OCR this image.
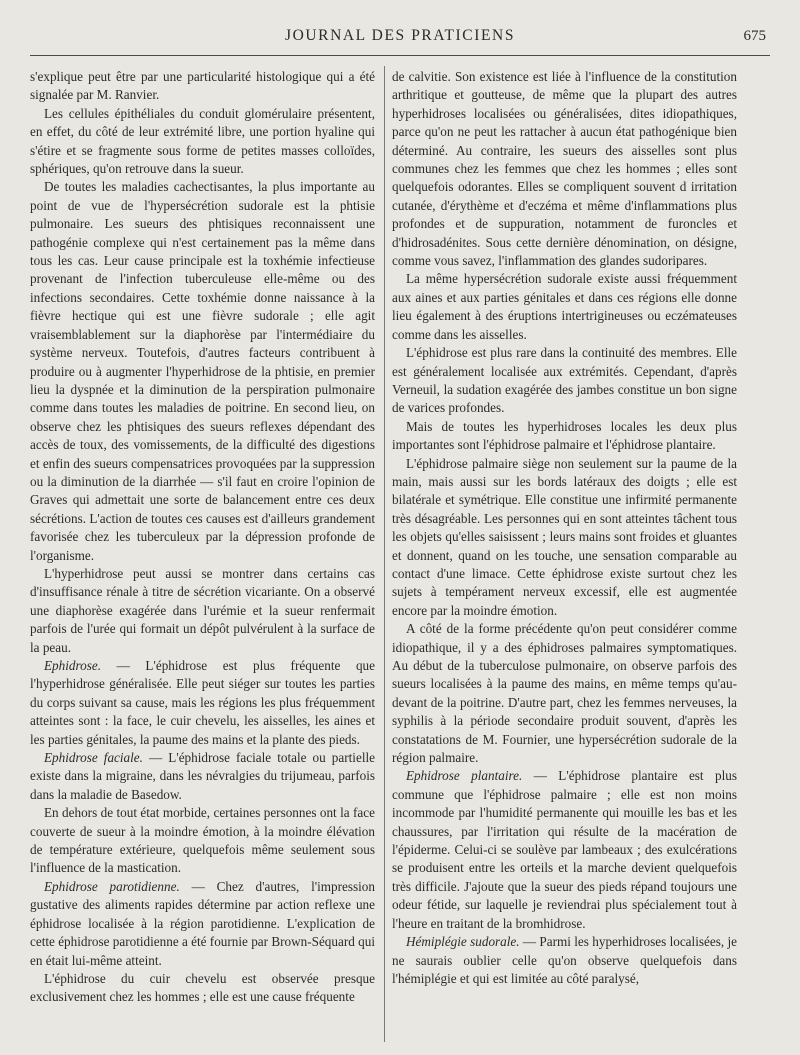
JOURNAL DES PRATICIENS	675

s'explique peut être par une particularité histologique qui a été signalée par M. Ranvier.

Les cellules épithéliales du conduit glomérulaire présentent, en effet, du côté de leur extrémité libre, une portion hyaline qui s'étire et se fragmente sous forme de petites masses colloïdes, sphériques, qu'on retrouve dans la sueur.

De toutes les maladies cachectisantes, la plus importante au point de vue de l'hypersécrétion sudorale est la phtisie pulmonaire. Les sueurs des phtisiques reconnaissent une pathogénie complexe qui n'est certainement pas la même dans tous les cas. Leur cause principale est la toxhémie infectieuse provenant de l'infection tuberculeuse elle-même ou des infections secondaires. Cette toxhémie donne naissance à la fièvre hectique qui est une fièvre sudorale ; elle agit vraisemblablement sur la diaphorèse par l'intermédiaire du système nerveux. Toutefois, d'autres facteurs contribuent à produire ou à augmenter l'hyperhidrose de la phtisie, en premier lieu la dyspnée et la diminution de la perspiration pulmonaire comme dans toutes les maladies de poitrine. En second lieu, on observe chez les phtisiques des sueurs reflexes dépendant des accès de toux, des vomissements, de la difficulté des digestions et enfin des sueurs compensatrices provoquées par la suppression ou la diminution de la diarrhée — s'il faut en croire l'opinion de Graves qui admettait une sorte de balancement entre ces deux sécrétions. L'action de toutes ces causes est d'ailleurs grandement favorisée chez les tuberculeux par la dépression profonde de l'organisme.

L'hyperhidrose peut aussi se montrer dans certains cas d'insuffisance rénale à titre de sécrétion vicariante. On a observé une diaphorèse exagérée dans l'urémie et la sueur renfermait parfois de l'urée qui formait un dépôt pulvérulent à la surface de la peau.

Ephidrose. — L'éphidrose est plus fréquente que l'hyperhidrose généralisée. Elle peut siéger sur toutes les parties du corps suivant sa cause, mais les régions les plus fréquemment atteintes sont : la face, le cuir chevelu, les aisselles, les aines et les parties génitales, la paume des mains et la plante des pieds.

Ephidrose faciale. — L'éphidrose faciale totale ou partielle existe dans la migraine, dans les névralgies du trijumeau, parfois dans la maladie de Basedow.

En dehors de tout état morbide, certaines personnes ont la face couverte de sueur à la moindre émotion, à la moindre élévation de température extérieure, quelquefois même seulement sous l'influence de la mastication.

Ephidrose parotidienne. — Chez d'autres, l'impression gustative des aliments rapides détermine par action reflexe une éphidrose localisée à la région parotidienne. L'explication de cette éphidrose parotidienne a été fournie par Brown-Séquard qui en était lui-même atteint.

L'éphidrose du cuir chevelu est observée presque exclusivement chez les hommes ; elle est une cause fréquente

de calvitie. Son existence est liée à l'influence de la constitution arthritique et goutteuse, de même que la plupart des autres hyperhidroses localisées ou généralisées, dites idiopathiques, parce qu'on ne peut les rattacher à aucun état pathogénique bien déterminé. Au contraire, les sueurs des aisselles sont plus communes chez les femmes que chez les hommes ; elles sont quelquefois odorantes. Elles se compliquent souvent d irritation cutanée, d'érythème et d'eczéma et même d'inflammations plus profondes et de suppuration, notamment de furoncles et d'hidrosadénites. Sous cette dernière dénomination, on désigne, comme vous savez, l'inflammation des glandes sudoripares.

La même hypersécrétion sudorale existe aussi fréquemment aux aines et aux parties génitales et dans ces régions elle donne lieu également à des éruptions intertrigineuses ou eczémateuses comme dans les aisselles.

L'éphidrose est plus rare dans la continuité des membres. Elle est généralement localisée aux extrémités. Cependant, d'après Verneuil, la sudation exagérée des jambes constitue un bon signe de varices profondes.

Mais de toutes les hyperhidroses locales les deux plus importantes sont l'éphidrose palmaire et l'éphidrose plantaire.

L'éphidrose palmaire siège non seulement sur la paume de la main, mais aussi sur les bords latéraux des doigts ; elle est bilatérale et symétrique. Elle constitue une infirmité permanente très désagréable. Les personnes qui en sont atteintes tâchent tous les objets qu'elles saisissent ; leurs mains sont froides et gluantes et donnent, quand on les touche, une sensation comparable au contact d'une limace. Cette éphidrose existe surtout chez les sujets à tempérament nerveux excessif, elle est augmentée encore par la moindre émotion.

A côté de la forme précédente qu'on peut considérer comme idiopathique, il y a des éphidroses palmaires symptomatiques. Au début de la tuberculose pulmonaire, on observe parfois des sueurs localisées à la paume des mains, en même temps qu'au-devant de la poitrine. D'autre part, chez les femmes nerveuses, la syphilis à la période secondaire produit souvent, d'après les constatations de M. Fournier, une hypersécrétion sudorale de la région palmaire.

Ephidrose plantaire. — L'éphidrose plantaire est plus commune que l'éphidrose palmaire ; elle est non moins incommode par l'humidité permanente qui mouille les bas et les chaussures, par l'irritation qui résulte de la macération de l'épiderme. Celui-ci se soulève par lambeaux ; des exulcérations se produisent entre les orteils et la marche devient quelquefois très difficile. J'ajoute que la sueur des pieds répand toujours une odeur fétide, sur laquelle je reviendrai plus spécialement tout à l'heure en traitant de la bromhidrose.

Hémiplégie sudorale. — Parmi les hyperhidroses localisées, je ne saurais oublier celle qu'on observe quelquefois dans l'hémiplégie et qui est limitée au côté paralysé,
